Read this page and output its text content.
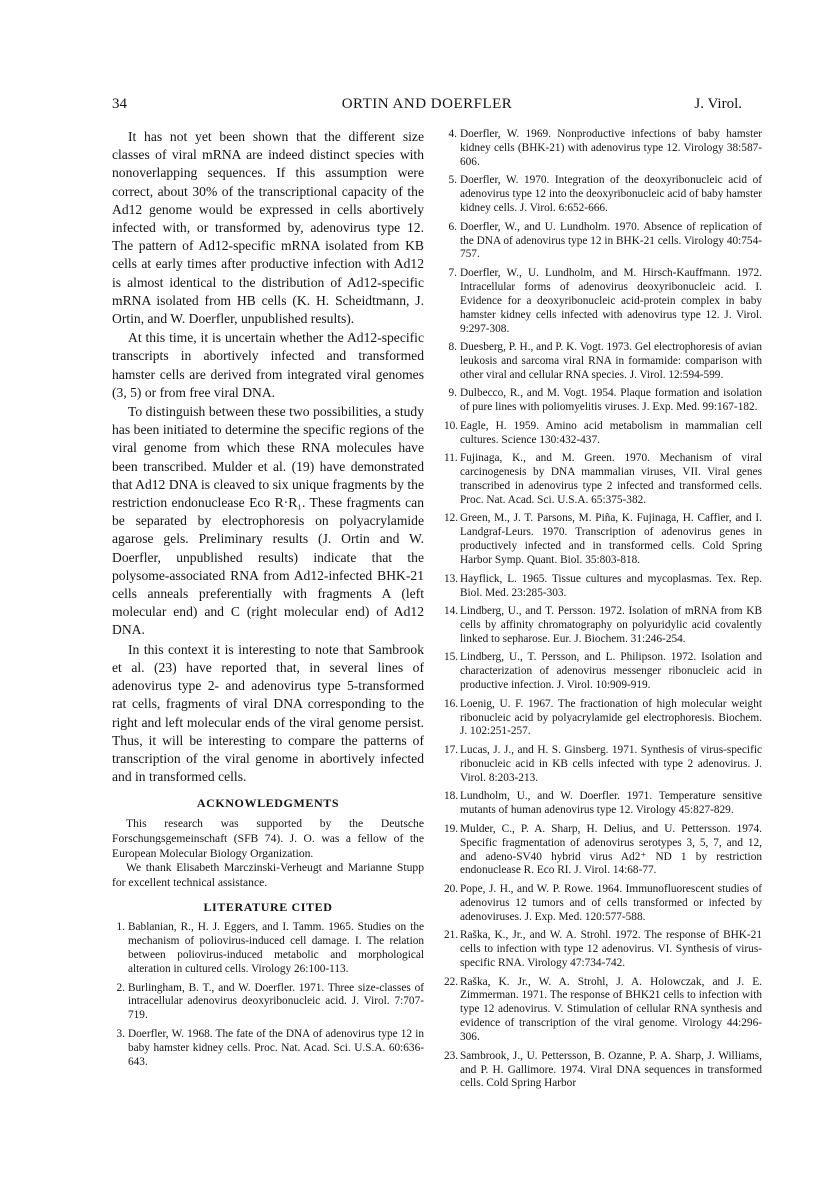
34	ORTIN AND DOERFLER	J. Virol.

It has not yet been shown that the different size classes of viral mRNA are indeed distinct species with nonoverlapping sequences. If this assumption were correct, about 30% of the transcriptional capacity of the Ad12 genome would be expressed in cells abortively infected with, or transformed by, adenovirus type 12. The pattern of Ad12-specific mRNA isolated from KB cells at early times after productive infection with Ad12 is almost identical to the distribution of Ad12-specific mRNA isolated from HB cells (K. H. Scheidtmann, J. Ortin, and W. Doerfler, unpublished results).

At this time, it is uncertain whether the Ad12-specific transcripts in abortively infected and transformed hamster cells are derived from integrated viral genomes (3, 5) or from free viral DNA.

To distinguish between these two possibilities, a study has been initiated to determine the specific regions of the viral genome from which these RNA molecules have been transcribed. Mulder et al. (19) have demonstrated that Ad12 DNA is cleaved to six unique fragments by the restriction endonuclease Eco R·R₁. These fragments can be separated by electrophoresis on polyacrylamide agarose gels. Preliminary results (J. Ortin and W. Doerfler, unpublished results) indicate that the polysome-associated RNA from Ad12-infected BHK-21 cells anneals preferentially with fragments A (left molecular end) and C (right molecular end) of Ad12 DNA.

In this context it is interesting to note that Sambrook et al. (23) have reported that, in several lines of adenovirus type 2- and adenovirus type 5-transformed rat cells, fragments of viral DNA corresponding to the right and left molecular ends of the viral genome persist. Thus, it will be interesting to compare the patterns of transcription of the viral genome in abortively infected and in transformed cells.

ACKNOWLEDGMENTS

This research was supported by the Deutsche Forschungsgemeinschaft (SFB 74). J. O. was a fellow of the European Molecular Biology Organization.

We thank Elisabeth Marczinski-Verheugt and Marianne Stupp for excellent technical assistance.

LITERATURE CITED
1. Bablanian, R., H. J. Eggers, and I. Tamm. 1965. Studies on the mechanism of poliovirus-induced cell damage. I. The relation between poliovirus-induced metabolic and morphological alteration in cultured cells. Virology 26:100-113.
2. Burlingham, B. T., and W. Doerfler. 1971. Three size-classes of intracellular adenovirus deoxyribonucleic acid. J. Virol. 7:707-719.
3. Doerfler, W. 1968. The fate of the DNA of adenovirus type 12 in baby hamster kidney cells. Proc. Nat. Acad. Sci. U.S.A. 60:636-643.
4. Doerfler, W. 1969. Nonproductive infections of baby hamster kidney cells (BHK-21) with adenovirus type 12. Virology 38:587-606.
5. Doerfler, W. 1970. Integration of the deoxyribonucleic acid of adenovirus type 12 into the deoxyribonucleic acid of baby hamster kidney cells. J. Virol. 6:652-666.
6. Doerfler, W., and U. Lundholm. 1970. Absence of replication of the DNA of adenovirus type 12 in BHK-21 cells. Virology 40:754-757.
7. Doerfler, W., U. Lundholm, and M. Hirsch-Kauffmann. 1972. Intracellular forms of adenovirus deoxyribonucleic acid. I. Evidence for a deoxyribonucleic acid-protein complex in baby hamster kidney cells infected with adenovirus type 12. J. Virol. 9:297-308.
8. Duesberg, P. H., and P. K. Vogt. 1973. Gel electrophoresis of avian leukosis and sarcoma viral RNA in formamide: comparison with other viral and cellular RNA species. J. Virol. 12:594-599.
9. Dulbecco, R., and M. Vogt. 1954. Plaque formation and isolation of pure lines with poliomyelitis viruses. J. Exp. Med. 99:167-182.
10. Eagle, H. 1959. Amino acid metabolism in mammalian cell cultures. Science 130:432-437.
11. Fujinaga, K., and M. Green. 1970. Mechanism of viral carcinogenesis by DNA mammalian viruses, VII. Viral genes transcribed in adenovirus type 2 infected and transformed cells. Proc. Nat. Acad. Sci. U.S.A. 65:375-382.
12. Green, M., J. T. Parsons, M. Piña, K. Fujinaga, H. Caffier, and I. Landgraf-Leurs. 1970. Transcription of adenovirus genes in productively infected and in transformed cells. Cold Spring Harbor Symp. Quant. Biol. 35:803-818.
13. Hayflick, L. 1965. Tissue cultures and mycoplasmas. Tex. Rep. Biol. Med. 23:285-303.
14. Lindberg, U., and T. Persson. 1972. Isolation of mRNA from KB cells by affinity chromatography on polyuridylic acid covalently linked to sepharose. Eur. J. Biochem. 31:246-254.
15. Lindberg, U., T. Persson, and L. Philipson. 1972. Isolation and characterization of adenovirus messenger ribonucleic acid in productive infection. J. Virol. 10:909-919.
16. Loenig, U. F. 1967. The fractionation of high molecular weight ribonucleic acid by polyacrylamide gel electrophoresis. Biochem. J. 102:251-257.
17. Lucas, J. J., and H. S. Ginsberg. 1971. Synthesis of virus-specific ribonucleic acid in KB cells infected with type 2 adenovirus. J. Virol. 8:203-213.
18. Lundholm, U., and W. Doerfler. 1971. Temperature sensitive mutants of human adenovirus type 12. Virology 45:827-829.
19. Mulder, C., P. A. Sharp, H. Delius, and U. Pettersson. 1974. Specific fragmentation of adenovirus serotypes 3, 5, 7, and 12, and adeno-SV40 hybrid virus Ad2⁺ ND 1 by restriction endonuclease R. Eco RI. J. Virol. 14:68-77.
20. Pope, J. H., and W. P. Rowe. 1964. Immunofluorescent studies of adenovirus 12 tumors and of cells transformed or infected by adenoviruses. J. Exp. Med. 120:577-588.
21. Raška, K., Jr., and W. A. Strohl. 1972. The response of BHK-21 cells to infection with type 12 adenovirus. VI. Synthesis of virus-specific RNA. Virology 47:734-742.
22. Raška, K. Jr., W. A. Strohl, J. A. Holowczak, and J. E. Zimmerman. 1971. The response of BHK21 cells to infection with type 12 adenovirus. V. Stimulation of cellular RNA synthesis and evidence of transcription of the viral genome. Virology 44:296-306.
23. Sambrook, J., U. Pettersson, B. Ozanne, P. A. Sharp, J. Williams, and P. H. Gallimore. 1974. Viral DNA sequences in transformed cells. Cold Spring Harbor
